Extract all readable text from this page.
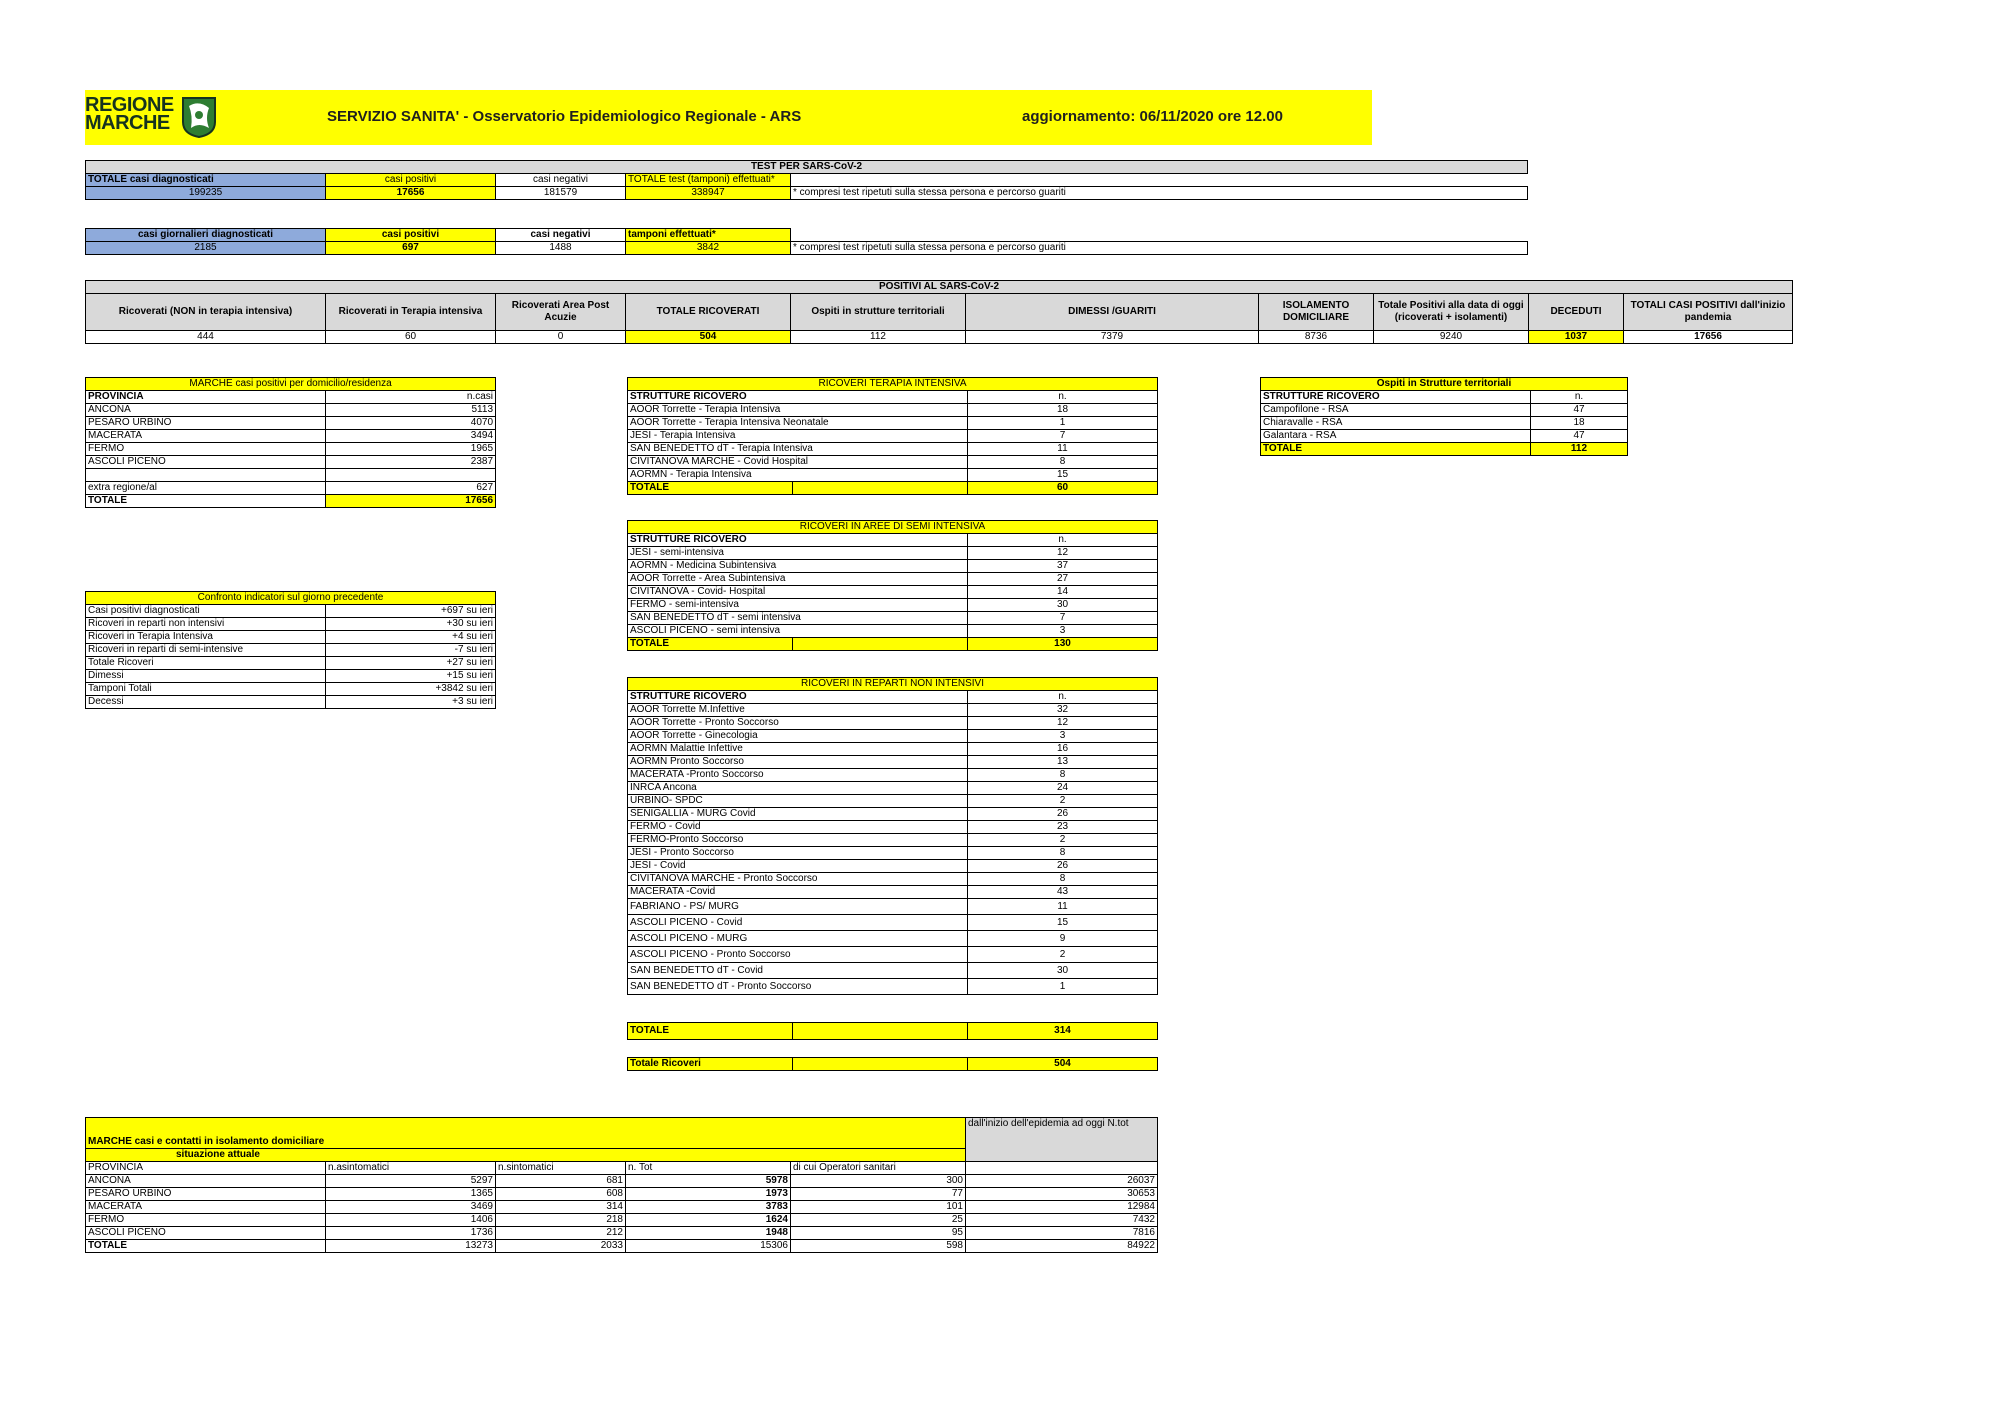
REGIONE
MARCHE	SERVIZIO SANITA' - Osservatorio Epidemiologico Regionale - ARS	aggiornamento: 06/11/2020 ore 12.00
TEST PER SARS-CoV-2				
TOTALE casi diagnosticati	casi positivi	casi negativi	TOTALE test (tamponi) effettuati*	
199235	17656	181579	338947	* compresi test ripetuti sulla stessa persona e percorso guariti
casi giornalieri diagnosticati	casi positivi	casi negativi	tamponi effettuati*	
2185	697	1488	3842	* compresi test ripetuti sulla stessa persona e percorso guariti
POSITIVI AL SARS-CoV-2									
Ricoverati (NON in terapia intensiva)	Ricoverati in Terapia intensiva	Ricoverati Area Post Acuzie	TOTALE RICOVERATI	Ospiti in strutture territoriali	DIMESSI /GUARITI	ISOLAMENTO DOMICILIARE	Totale Positivi alla data di oggi (ricoverati + isolamenti)	DECEDUTI	TOTALI CASI POSITIVI dall'inizio pandemia
444	60	0	504	112	7379	8736	9240	1037	17656
MARCHE casi positivi per domicilio/residenza	
PROVINCIA	n.casi
ANCONA	5113
PESARO URBINO	4070
MACERATA	3494
FERMO	1965
ASCOLI PICENO	2387

extra regione/al	627
TOTALE	17656
Confronto indicatori sul giorno precedente	
Casi positivi diagnosticati	+697 su ieri
Ricoveri in reparti non intensivi	+30 su ieri
Ricoveri in Terapia Intensiva	+4 su ieri
Ricoveri in reparti di semi-intensive	-7 su ieri
Totale Ricoveri	+27 su ieri
Dimessi	+15 su ieri
Tamponi Totali	+3842 su ieri
Decessi	+3 su ieri
RICOVERI TERAPIA INTENSIVA		
STRUTTURE RICOVERO		n.
AOOR Torrette - Terapia Intensiva		18
AOOR Torrette - Terapia Intensiva Neonatale		1
JESI - Terapia Intensiva		7
SAN BENEDETTO dT - Terapia Intensiva		11
CIVITANOVA MARCHE - Covid Hospital		8
AORMN - Terapia Intensiva		15
TOTALE		60
RICOVERI IN AREE DI SEMI INTENSIVA		
STRUTTURE RICOVERO		n.
JESI - semi-intensiva		12
AORMN - Medicina Subintensiva		37
AOOR Torrette - Area Subintensiva		27
CIVITANOVA - Covid- Hospital		14
FERMO - semi-intensiva		30
SAN BENEDETTO dT - semi intensiva		7
ASCOLI PICENO - semi intensiva		3
TOTALE		130
RICOVERI IN REPARTI NON INTENSIVI	
STRUTTURE RICOVERO	n.
AOOR Torrette M.Infettive	32
AOOR Torrette - Pronto Soccorso	12
AOOR Torrette - Ginecologia	3
AORMN Malattie Infettive	16
AORMN Pronto Soccorso	13
MACERATA -Pronto Soccorso	8
INRCA Ancona	24
URBINO- SPDC	2
SENIGALLIA - MURG Covid	26
FERMO - Covid	23
FERMO-Pronto Soccorso	2
JESI - Pronto Soccorso	8
JESI - Covid	26
CIVITANOVA MARCHE - Pronto Soccorso	8
MACERATA -Covid	43
FABRIANO - PS/ MURG	11
ASCOLI PICENO - Covid	15
ASCOLI PICENO - MURG	9
ASCOLI PICENO - Pronto Soccorso	2
SAN BENEDETTO dT - Covid	30
SAN BENEDETTO dT - Pronto Soccorso	1
TOTALE		314
Totale Ricoveri		504
Ospiti in Strutture territoriali	
STRUTTURE RICOVERO	n.
Campofilone - RSA	47
Chiaravalle - RSA	18
Galantara - RSA	47
TOTALE	112
MARCHE casi e contatti in isolamento domiciliare					dall'inizio dell'epidemia ad oggi N.tot
situazione attuale					
PROVINCIA	n.asintomatici	n.sintomatici	n. Tot	di cui Operatori sanitari	
ANCONA	5297	681	5978	300	26037
PESARO URBINO	1365	608	1973	77	30653
MACERATA	3469	314	3783	101	12984
FERMO	1406	218	1624	25	7432
ASCOLI PICENO	1736	212	1948	95	7816
TOTALE	13273	2033	15306	598	84922
